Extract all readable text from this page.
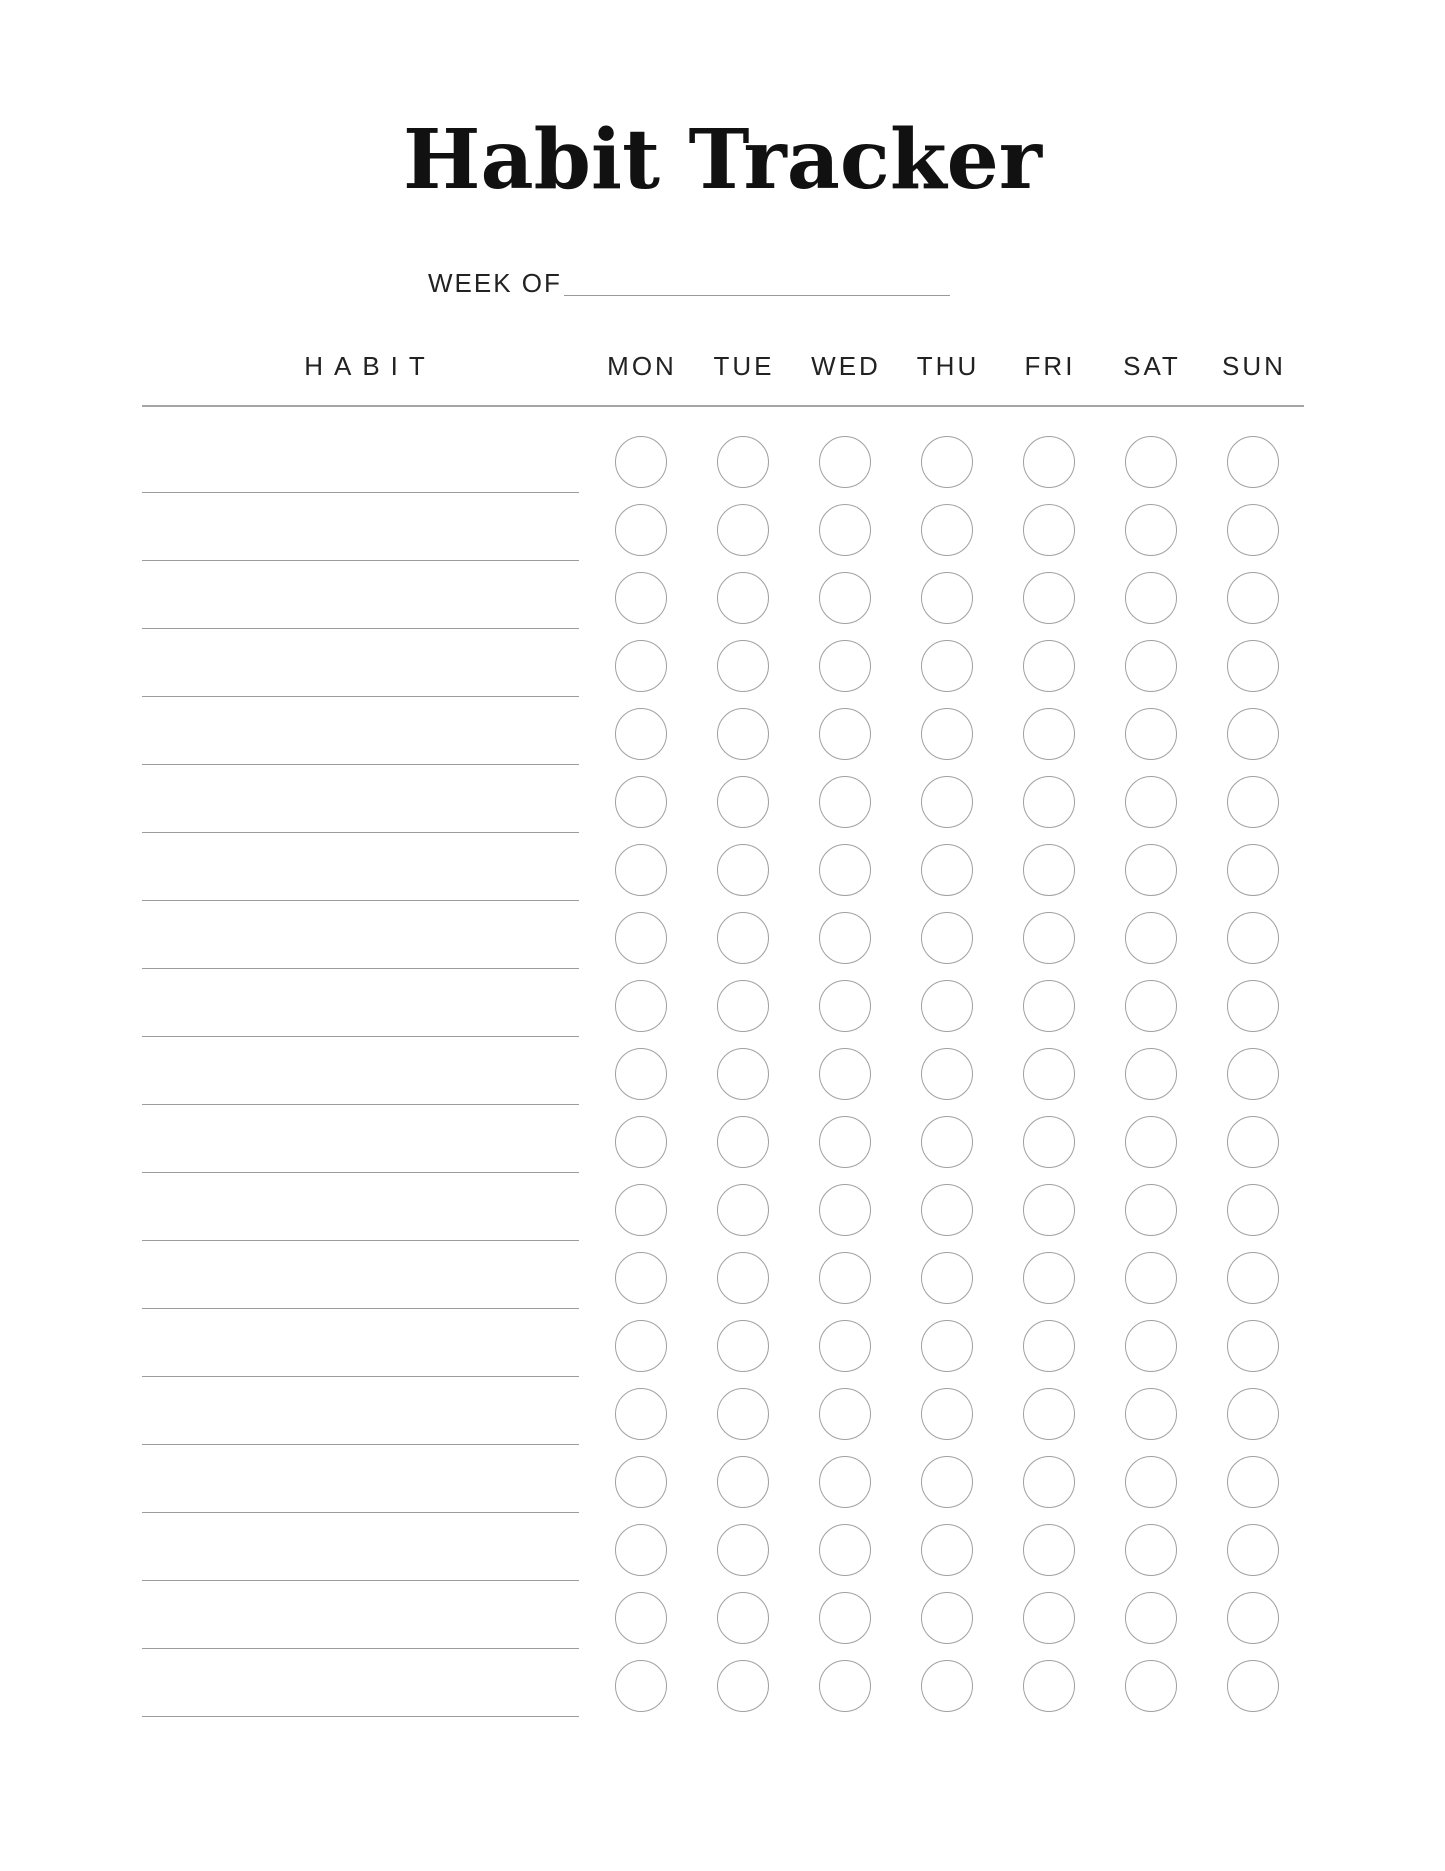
Habit Tracker
WEEK OF
HABIT	MON	TUE	WED	THU	FRI	SAT	SUN
